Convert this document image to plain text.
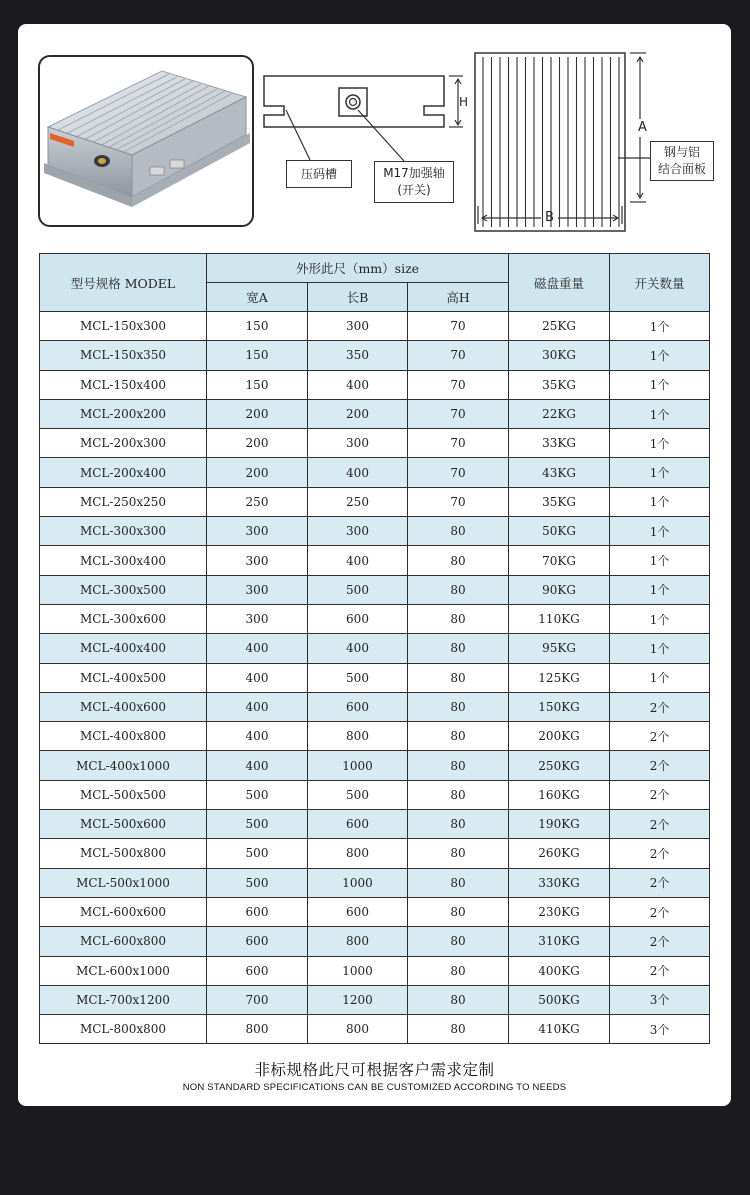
H
A
B
压码槽	M17加强轴
(开关)
钢与铝
结合面板
型号规格 MODEL	外形此尺（mm）size			磁盘重量	开关数量
	宽A	长B	高H		
MCL-150x300	150	300	70	25KG	1个
MCL-150x350	150	350	70	30KG	1个
MCL-150x400	150	400	70	35KG	1个
MCL-200x200	200	200	70	22KG	1个
MCL-200x300	200	300	70	33KG	1个
MCL-200x400	200	400	70	43KG	1个
MCL-250x250	250	250	70	35KG	1个
MCL-300x300	300	300	80	50KG	1个
MCL-300x400	300	400	80	70KG	1个
MCL-300x500	300	500	80	90KG	1个
MCL-300x600	300	600	80	110KG	1个
MCL-400x400	400	400	80	95KG	1个
MCL-400x500	400	500	80	125KG	1个
MCL-400x600	400	600	80	150KG	2个
MCL-400x800	400	800	80	200KG	2个
MCL-400x1000	400	1000	80	250KG	2个
MCL-500x500	500	500	80	160KG	2个
MCL-500x600	500	600	80	190KG	2个
MCL-500x800	500	800	80	260KG	2个
MCL-500x1000	500	1000	80	330KG	2个
MCL-600x600	600	600	80	230KG	2个
MCL-600x800	600	800	80	310KG	2个
MCL-600x1000	600	1000	80	400KG	2个
MCL-700x1200	700	1200	80	500KG	3个
MCL-800x800	800	800	80	410KG	3个
非标规格此尺可根据客户需求定制
NON STANDARD SPECIFICATIONS CAN BE CUSTOMIZED ACCORDING TO NEEDS
